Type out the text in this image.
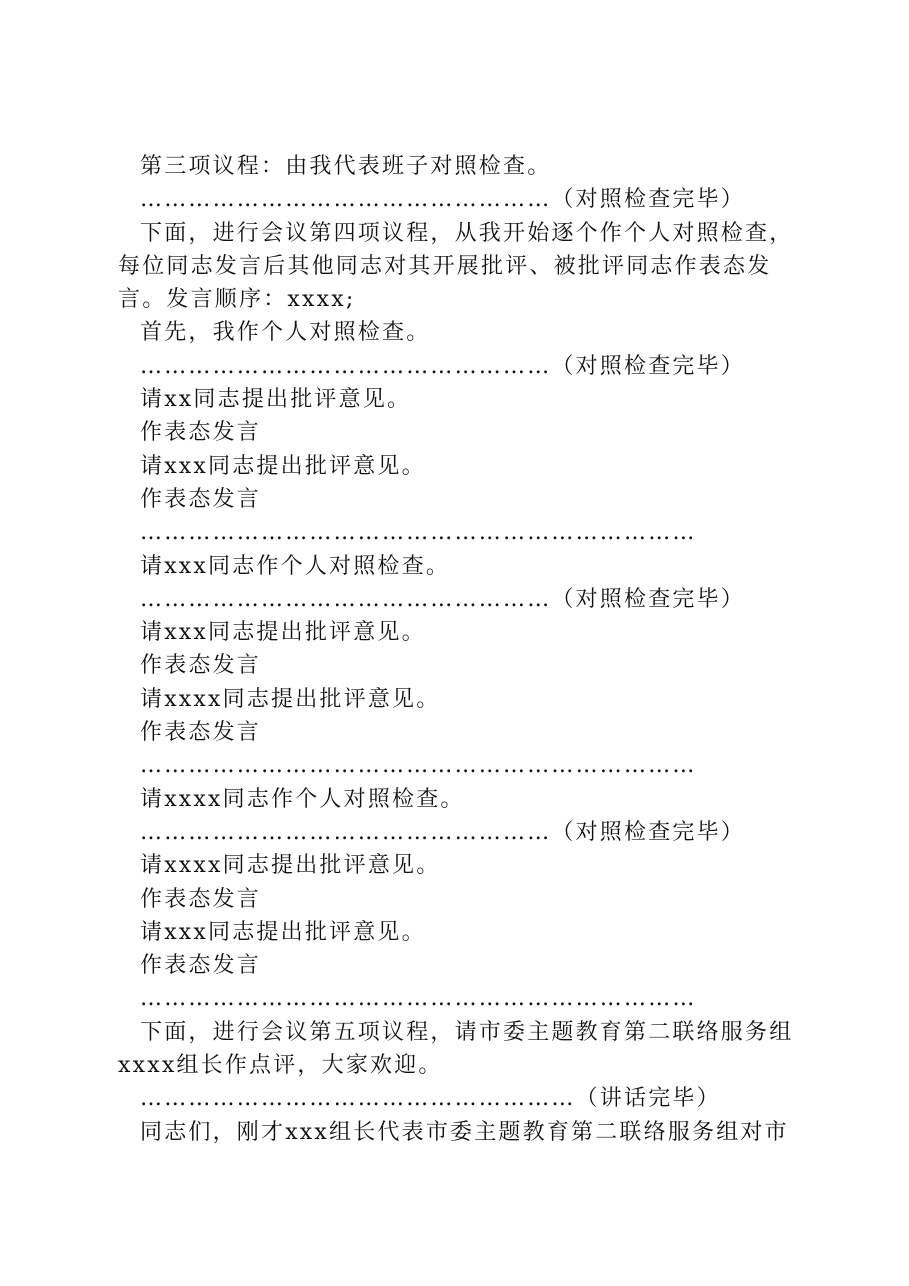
第三项议程：由我代表班子对照检查。

……………………………………………（对照检查完毕）

下面，进行会议第四项议程，从我开始逐个作个人对照检查，每位同志发言后其他同志对其开展批评、被批评同志作表态发言。发言顺序：xxxx;

首先，我作个人对照检查。

……………………………………………（对照检查完毕）

请xx同志提出批评意见。

作表态发言

请xxx同志提出批评意见。

作表态发言

……………………………………………………………

请xxx同志作个人对照检查。

……………………………………………（对照检查完毕）

请xxx同志提出批评意见。

作表态发言

请xxxx同志提出批评意见。

作表态发言

……………………………………………………………

请xxxx同志作个人对照检查。

……………………………………………（对照检查完毕）

请xxxx同志提出批评意见。

作表态发言

请xxx同志提出批评意见。

作表态发言

……………………………………………………………

下面，进行会议第五项议程，请市委主题教育第二联络服务组xxxx组长作点评，大家欢迎。

………………………………………………（讲话完毕）

同志们，刚才xxx组长代表市委主题教育第二联络服务组对市
